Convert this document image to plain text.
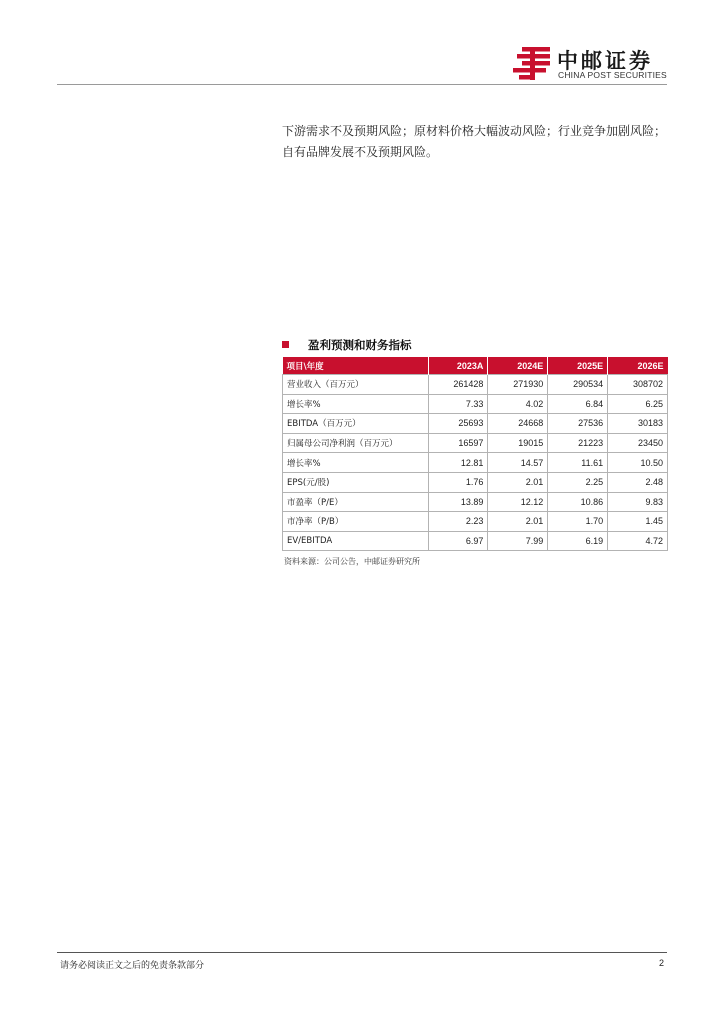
中邮证券
CHINA POST SECURITIES
下游需求不及预期风险；原材料价格大幅波动风险；行业竞争加剧风险；自有品牌发展不及预期风险。
盈利预测和财务指标
项目\年度	2023A	2024E	2025E	2026E
营业收入（百万元）	261428	271930	290534	308702
增长率%	7.33	4.02	6.84	6.25
EBITDA（百万元）	25693	24668	27536	30183
归属母公司净利润（百万元）	16597	19015	21223	23450
增长率%	12.81	14.57	11.61	10.50
EPS(元/股)	1.76	2.01	2.25	2.48
市盈率（P/E）	13.89	12.12	10.86	9.83
市净率（P/B）	2.23	2.01	1.70	1.45
EV/EBITDA	6.97	7.99	6.19	4.72
资料来源：公司公告，中邮证券研究所
请务必阅读正文之后的免责条款部分	2
